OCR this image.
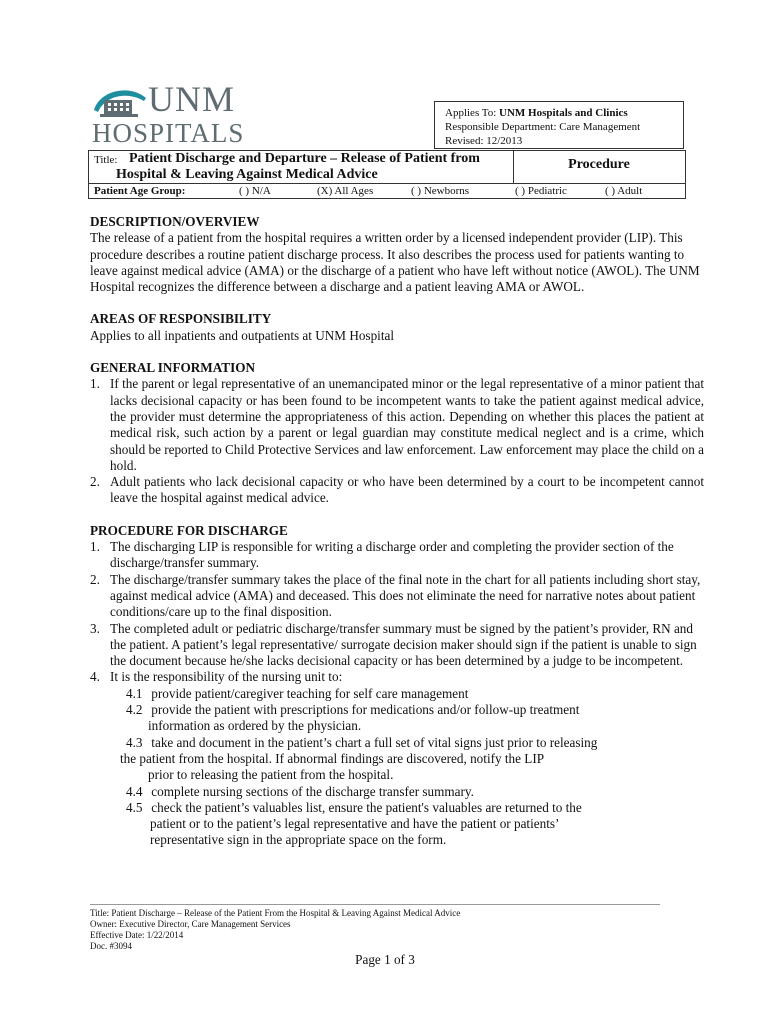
UNM
HOSPITALS
Applies To: UNM Hospitals and Clinics
Responsible Department: Care Management
Revised: 12/2013
Title: Patient Discharge and Departure – Release of Patient from
Hospital & Leaving Against Medical Advice
Procedure
Patient Age Group:	( ) N/A	(X) All Ages	( ) Newborns	( ) Pediatric	( ) Adult

DESCRIPTION/OVERVIEW

The release of a patient from the hospital requires a written order by a licensed independent provider (LIP). This procedure describes a routine patient discharge process. It also describes the process used for patients wanting to leave against medical advice (AMA) or the discharge of a patient who have left without notice (AWOL). The UNM Hospital recognizes the difference between a discharge and a patient leaving AMA or AWOL.

AREAS OF RESPONSIBILITY

Applies to all inpatients and outpatients at UNM Hospital

GENERAL INFORMATION

1. If the parent or legal representative of an unemancipated minor or the legal representative of a minor patient that lacks decisional capacity or has been found to be incompetent wants to take the patient against medical advice, the provider must determine the appropriateness of this action. Depending on whether this places the patient at medical risk, such action by a parent or legal guardian may constitute medical neglect and is a crime, which should be reported to Child Protective Services and law enforcement. Law enforcement may place the child on a hold.
2. Adult patients who lack decisional capacity or who have been determined by a court to be incompetent cannot leave the hospital against medical advice.

PROCEDURE FOR DISCHARGE

1. The discharging LIP is responsible for writing a discharge order and completing the provider section of the discharge/transfer summary.
2. The discharge/transfer summary takes the place of the final note in the chart for all patients including short stay, against medical advice (AMA) and deceased. This does not eliminate the need for narrative notes about patient conditions/care up to the final disposition.
3. The completed adult or pediatric discharge/transfer summary must be signed by the patient’s provider, RN and the patient. A patient’s legal representative/ surrogate decision maker should sign if the patient is unable to sign the document because he/she lacks decisional capacity or has been determined by a judge to be incompetent.
4. It is the responsibility of the nursing unit to:
4.1 provide patient/caregiver teaching for self care management
4.2 provide the patient with prescriptions for medications and/or follow-up treatment
information as ordered by the physician.
4.3 take and document in the patient’s chart a full set of vital signs just prior to releasing
the patient from the hospital. If abnormal findings are discovered, notify the LIP
prior to releasing the patient from the hospital.
4.4 complete nursing sections of the discharge transfer summary.
4.5 check the patient’s valuables list, ensure the patient's valuables are returned to the
patient or to the patient’s legal representative and have the patient or patients’
representative sign in the appropriate space on the form.
Title: Patient Discharge – Release of the Patient From the Hospital & Leaving Against Medical Advice
Owner: Executive Director, Care Management Services
Effective Date: 1/22/2014
Doc. #3094
Page 1 of 3
